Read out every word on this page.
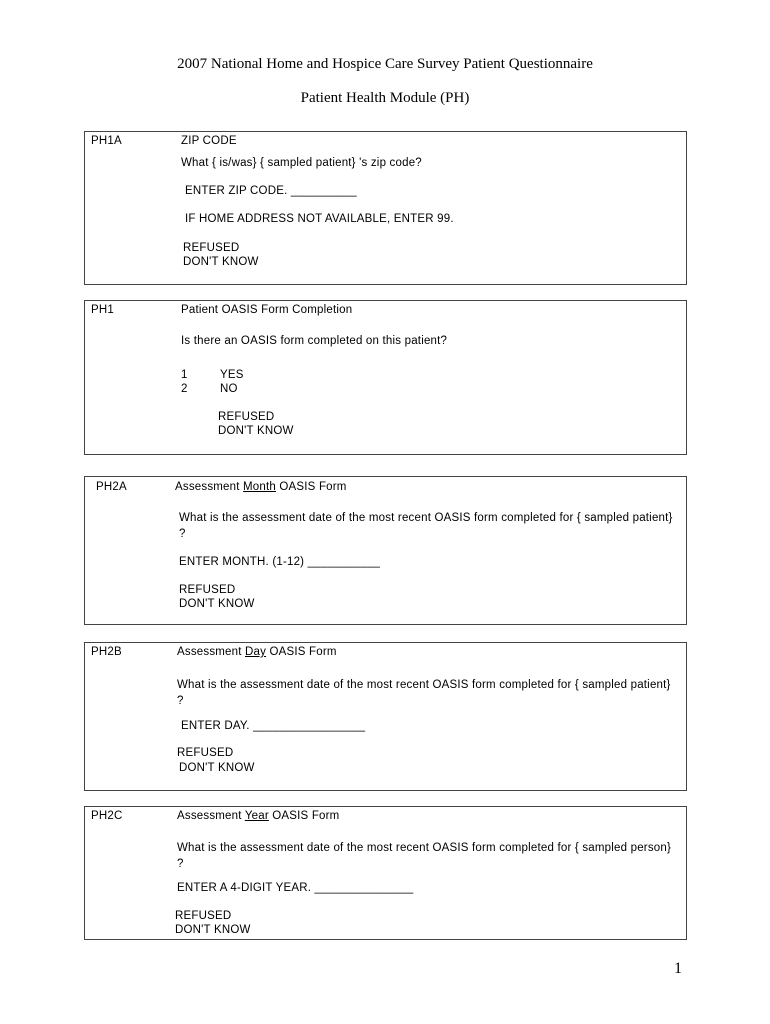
2007 National Home and Hospice Care Survey Patient Questionnaire
Patient Health Module (PH)
PH1A	ZIP CODE
What { is/was} { sampled patient} 's zip code?
ENTER ZIP CODE. __________
IF HOME ADDRESS NOT AVAILABLE, ENTER 99.
REFUSED
DON'T KNOW
PH1	Patient OASIS Form Completion
Is there an OASIS form completed on this patient?
1	YES
2	NO
REFUSED
DON'T KNOW
PH2A	Assessment Month OASIS Form
What is the assessment date of the most recent OASIS form completed for { sampled patient} ?
ENTER MONTH. (1-12) ___________
REFUSED
DON'T KNOW
PH2B	Assessment Day OASIS Form
What is the assessment date of the most recent OASIS form completed for { sampled patient} ?
ENTER DAY. _________________
REFUSED
DON'T KNOW
PH2C	Assessment Year OASIS Form
What is the assessment date of the most recent OASIS form completed for { sampled person} ?
ENTER A 4-DIGIT YEAR. _______________
REFUSED
DON'T KNOW
1
